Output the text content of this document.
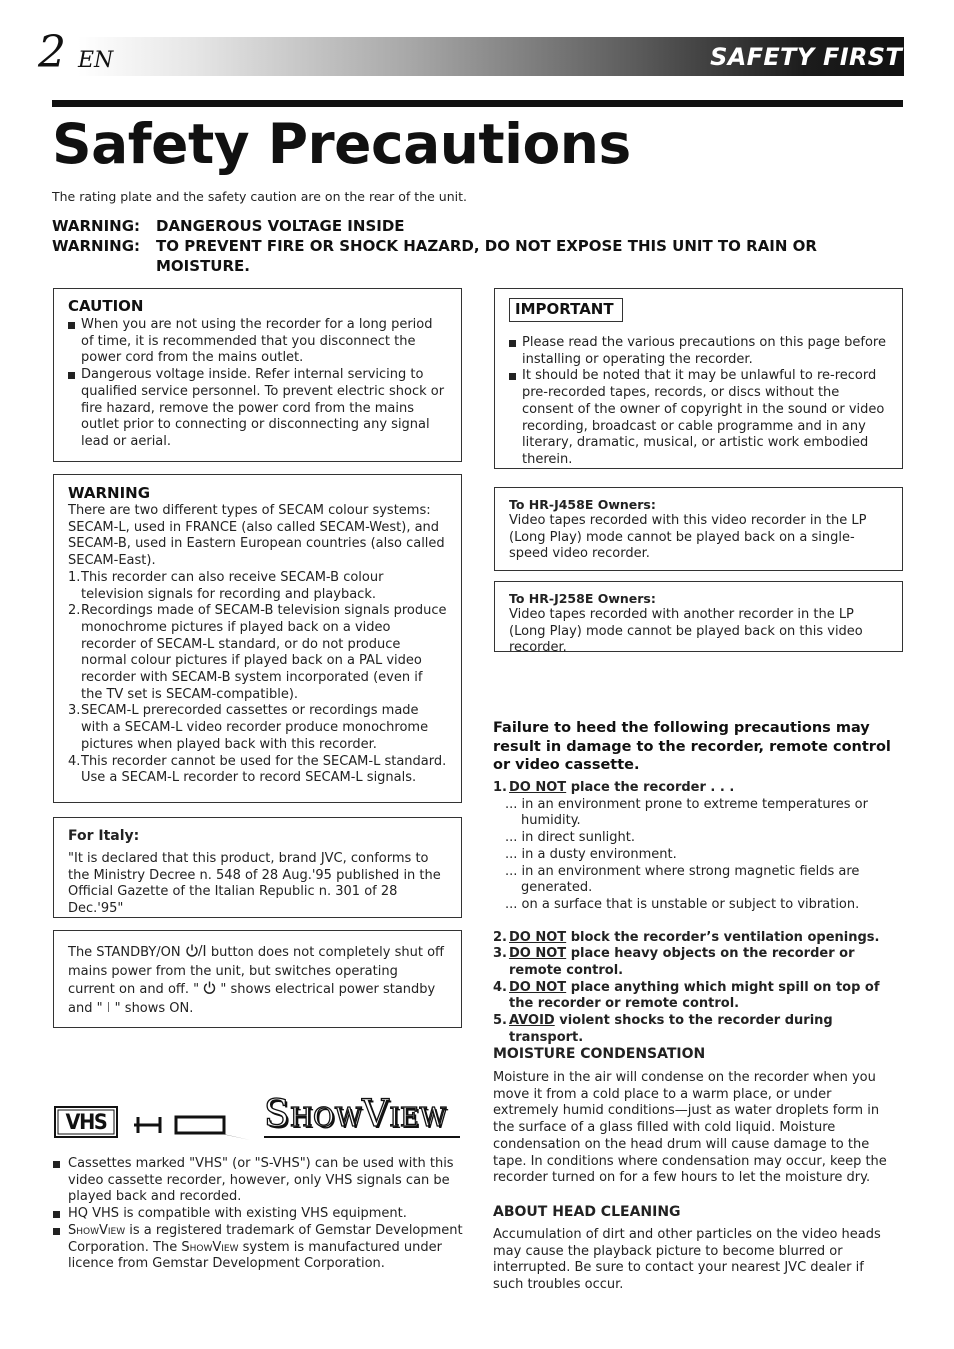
2 EN	SAFETY FIRST
Safety Precautions
The rating plate and the safety caution are on the rear of the unit.
WARNING: DANGEROUS VOLTAGE INSIDE
WARNING: TO PREVENT FIRE OR SHOCK HAZARD, DO NOT EXPOSE THIS UNIT TO RAIN OR MOISTURE.
CAUTION
When you are not using the recorder for a long period of time, it is recommended that you disconnect the power cord from the mains outlet.
Dangerous voltage inside. Refer internal servicing to qualified service personnel. To prevent electric shock or fire hazard, remove the power cord from the mains outlet prior to connecting or disconnecting any signal lead or aerial.
WARNING
There are two different types of SECAM colour systems: SECAM-L, used in FRANCE (also called SECAM-West), and SECAM-B, used in Eastern European countries (also called SECAM-East).
1. This recorder can also receive SECAM-B colour television signals for recording and playback.
2. Recordings made of SECAM-B television signals produce monochrome pictures if played back on a video recorder of SECAM-L standard, or do not produce normal colour pictures if played back on a PAL video recorder with SECAM-B system incorporated (even if the TV set is SECAM-compatible).
3. SECAM-L prerecorded cassettes or recordings made with a SECAM-L video recorder produce monochrome pictures when played back with this recorder.
4. This recorder cannot be used for the SECAM-L standard. Use a SECAM-L recorder to record SECAM-L signals.
For Italy:
"It is declared that this product, brand JVC, conforms to the Ministry Decree n. 548 of 28 Aug.'95 published in the Official Gazette of the Italian Republic n. 301 of 28 Dec.'95"
The STANDBY/ON  button does not completely shut off mains power from the unit, but switches operating current on and off. "  " shows electrical power standby and " I " shows ON.
VHS	ShowView
Cassettes marked "VHS" (or "S-VHS") can be used with this video cassette recorder, however, only VHS signals can be played back and recorded.
HQ VHS is compatible with existing VHS equipment.
ShowView is a registered trademark of Gemstar Development Corporation. The ShowView system is manufactured under licence from Gemstar Development Corporation.
IMPORTANT
Please read the various precautions on this page before installing or operating the recorder.
It should be noted that it may be unlawful to re-record pre-recorded tapes, records, or discs without the consent of the owner of copyright in the sound or video recording, broadcast or cable programme and in any literary, dramatic, musical, or artistic work embodied therein.
To HR-J458E Owners:
Video tapes recorded with this video recorder in the LP (Long Play) mode cannot be played back on a single-speed video recorder.
To HR-J258E Owners:
Video tapes recorded with another recorder in the LP (Long Play) mode cannot be played back on this video recorder.
Failure to heed the following precautions may result in damage to the recorder, remote control or video cassette.
1. DO NOT place the recorder . . .
... in an environment prone to extreme temperatures or humidity.
... in direct sunlight.
... in a dusty environment.
... in an environment where strong magnetic fields are generated.
... on a surface that is unstable or subject to vibration.
2. DO NOT block the recorder’s ventilation openings.
3. DO NOT place heavy objects on the recorder or remote control.
4. DO NOT place anything which might spill on top of the recorder or remote control.
5. AVOID violent shocks to the recorder during transport.
MOISTURE CONDENSATION
Moisture in the air will condense on the recorder when you move it from a cold place to a warm place, or under extremely humid conditions—just as water droplets form in the surface of a glass filled with cold liquid. Moisture condensation on the head drum will cause damage to the tape. In conditions where condensation may occur, keep the recorder turned on for a few hours to let the moisture dry.
ABOUT HEAD CLEANING
Accumulation of dirt and other particles on the video heads may cause the playback picture to become blurred or interrupted. Be sure to contact your nearest JVC dealer if such troubles occur.
